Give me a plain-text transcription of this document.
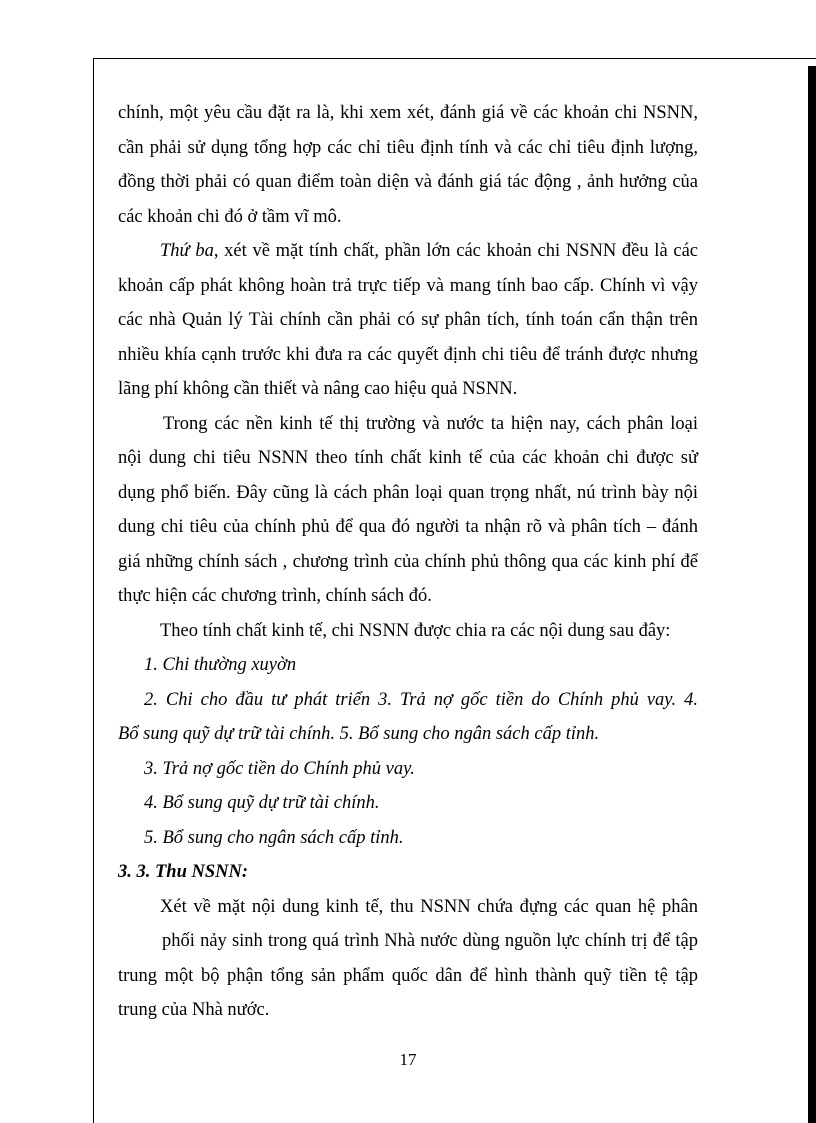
chính, một yêu cầu đặt ra là, khi xem xét, đánh giá về các khoản chi NSNN,

cần phải sử dụng tổng hợp các chỉ tiêu định tính và các chỉ tiêu định lượng,

đồng thời phải có quan điểm toàn diện và đánh giá tác động , ảnh hưởng của

các khoản chi đó ở tầm vĩ mô.

Thứ ba, xét về mặt tính chất, phần lớn các khoản chi NSNN đều là các

khoản cấp phát không hoàn trả trực tiếp và mang tính bao cấp. Chính vì vậy

các nhà Quản lý Tài chính cần phải có sự phân tích, tính toán cẩn thận trên

nhiều khía cạnh trước khi đưa ra các quyết định chi tiêu để tránh được nhưng

lãng phí không cần thiết và nâng cao hiệu quả NSNN.

Trong các nền kinh tế thị trường và nước ta hiện nay, cách phân loại

nội dung chi tiêu NSNN theo tính chất kinh tế của các khoản chi được sử

dụng phổ biến. Đây cũng là cách phân loại quan trọng nhất, nú trình bày nội

dung chi tiêu của chính phủ để qua đó người ta nhận rõ và phân tích – đánh

giá những chính sách , chương trình của chính phủ thông qua các kinh phí để

thực hiện các chương trình, chính sách đó.

Theo tính chất kinh tế, chi NSNN được chia ra các nội dung sau đây:

1. Chi thường xuyờn

2. Chi cho đầu tư phát triển 3. Trả nợ gốc tiền do Chính phủ vay. 4.

Bổ sung quỹ dự trữ tài chính. 5. Bổ sung cho ngân sách cấp tỉnh.

3. Trả nợ gốc tiền do Chính phủ vay.

4. Bổ sung quỹ dự trữ tài chính.

5. Bổ sung cho ngân sách cấp tỉnh.

3. 3. Thu NSNN:

Xét về mặt nội dung kinh tế, thu NSNN chứa đựng các quan hệ phân

phối nảy sinh trong quá trình Nhà nước dùng nguồn lực chính trị để tập

trung một bộ phận tổng sản phẩm quốc dân để hình thành quỹ tiền tệ tập

trung của Nhà nước.

17
